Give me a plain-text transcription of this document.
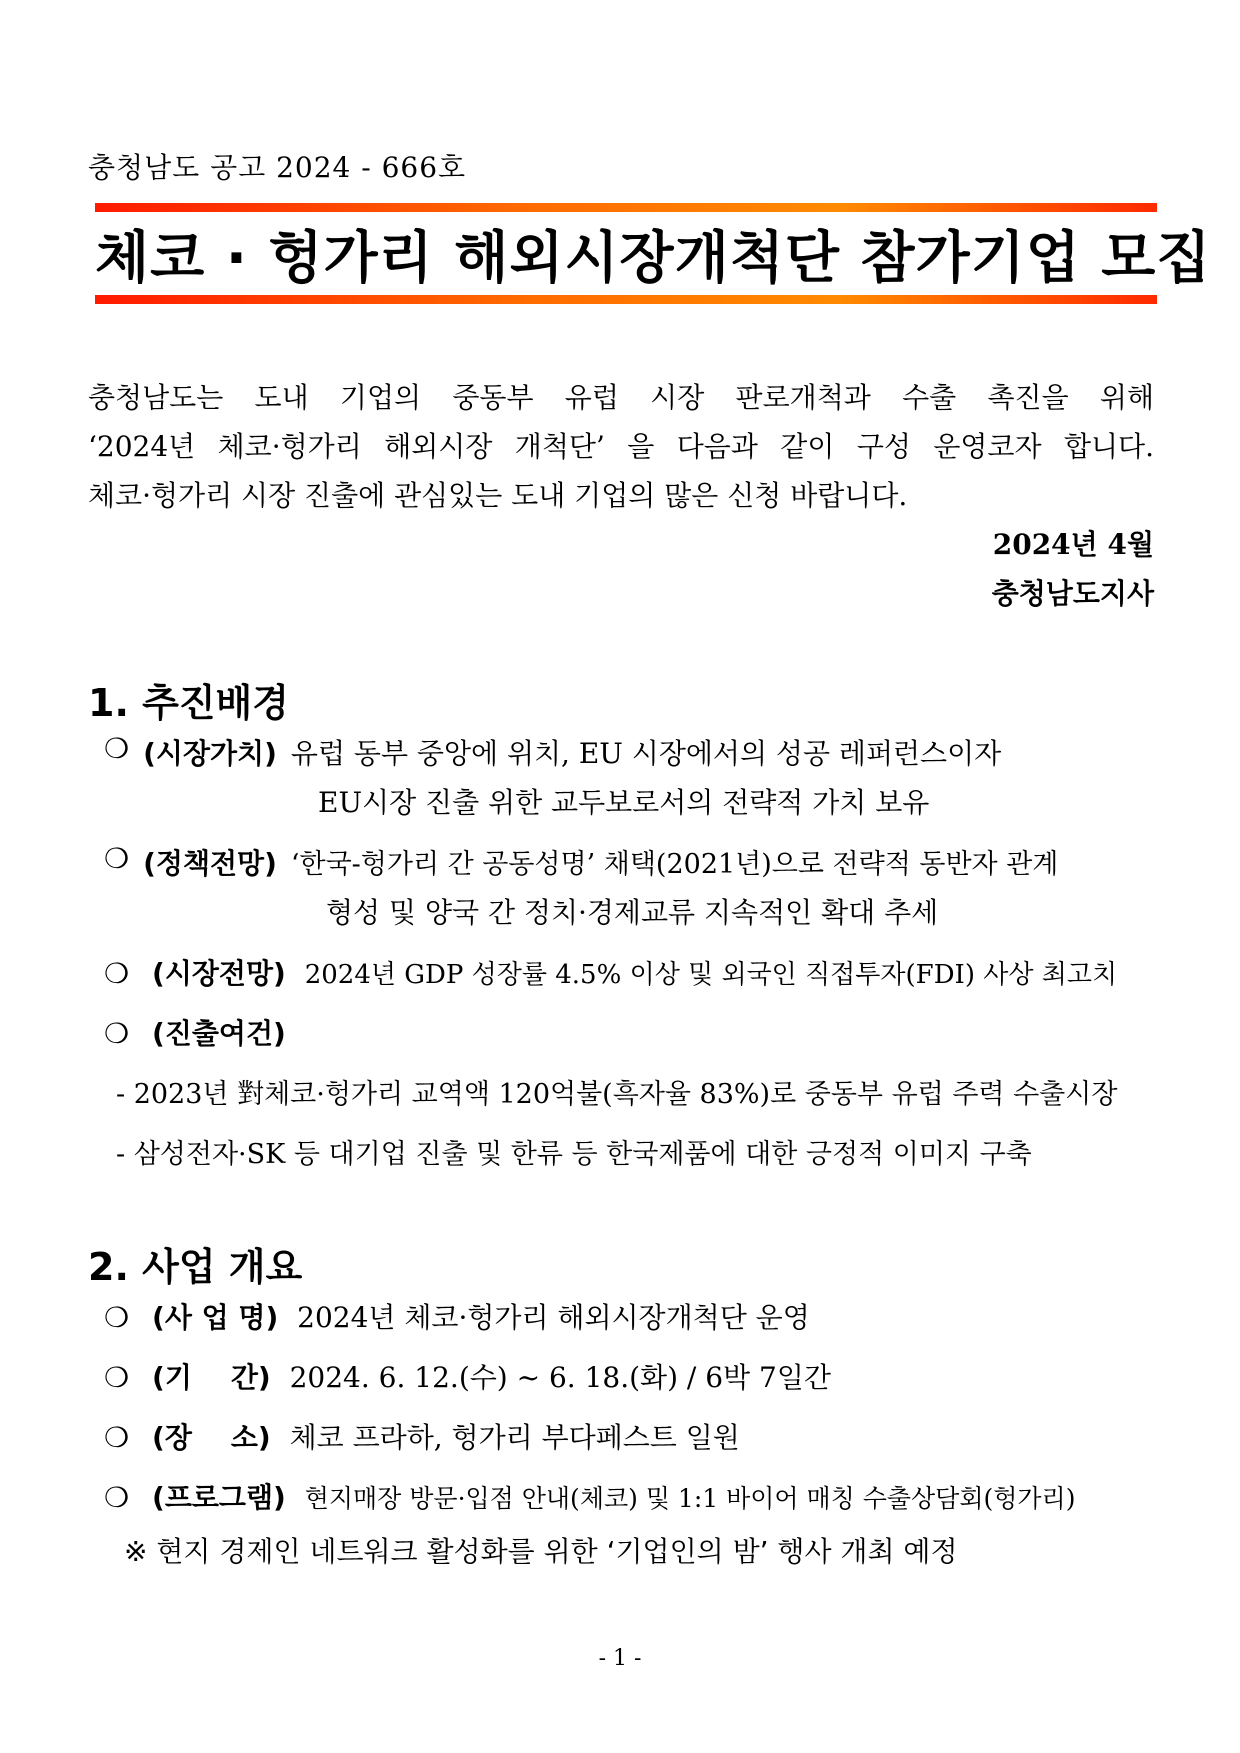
충청남도 공고 2024 - 666호
체코 · 헝가리 해외시장개척단 참가기업 모집
충청남도는 도내 기업의 중동부 유럽 시장 판로개척과 수출 촉진을 위해
‘2024년 체코·헝가리 해외시장 개척단’ 을 다음과 같이 구성 운영코자 합니다.
체코·헝가리 시장 진출에 관심있는 도내 기업의 많은 신청 바랍니다.
2024년 4월
충청남도지사
1. 추진배경
❍ (시장가치) 유럽 동부 중앙에 위치, EU 시장에서의 성공 레퍼런스이자
EU시장 진출 위한 교두보로서의 전략적 가치 보유
❍ (정책전망) ‘한국-헝가리 간 공동성명’ 채택(2021년)으로 전략적 동반자 관계
형성 및 양국 간 정치·경제교류 지속적인 확대 추세
❍ (시장전망) 2024년 GDP 성장률 4.5% 이상 및 외국인 직접투자(FDI) 사상 최고치
❍ (진출여건)
- 2023년 對체코·헝가리 교역액 120억불(흑자율 83%)로 중동부 유럽 주력 수출시장
- 삼성전자·SK 등 대기업 진출 및 한류 등 한국제품에 대한 긍정적 이미지 구축
2. 사업 개요
❍ (사 업 명) 2024년 체코·헝가리 해외시장개척단 운영
❍ (기    간) 2024. 6. 12.(수) ~ 6. 18.(화) / 6박 7일간
❍ (장    소) 체코 프라하, 헝가리 부다페스트 일원
❍ (프로그램) 현지매장 방문·입점 안내(체코) 및 1:1 바이어 매칭 수출상담회(헝가리)
※ 현지 경제인 네트워크 활성화를 위한 ‘기업인의 밤’ 행사 개최 예정
- 1 -
